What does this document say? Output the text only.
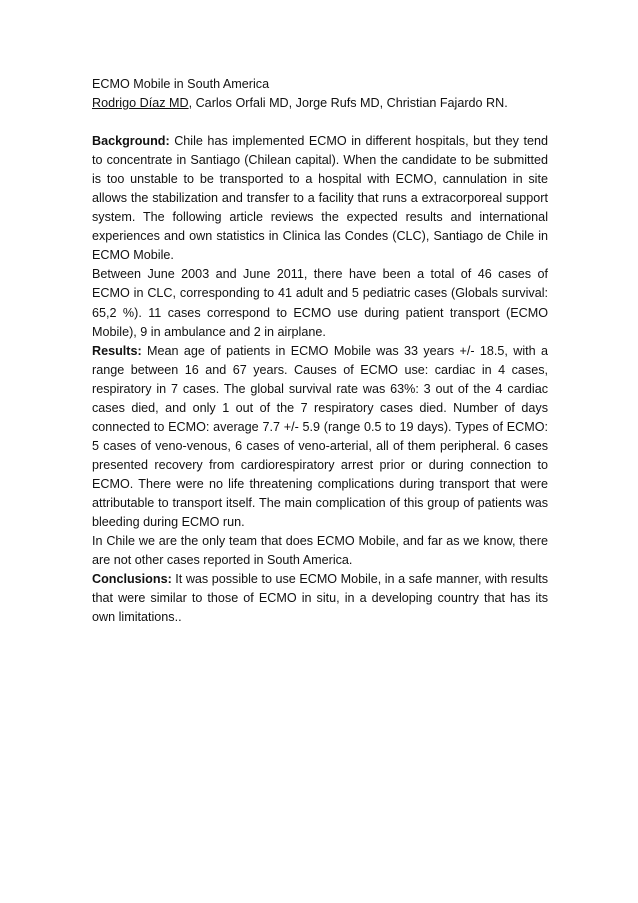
ECMO Mobile in South America
Rodrigo Díaz MD, Carlos Orfali MD, Jorge Rufs MD, Christian Fajardo RN.

Background: Chile has implemented ECMO in different hospitals, but they tend to concentrate in Santiago (Chilean capital). When the candidate to be submitted is too unstable to be transported to a hospital with ECMO, cannulation in site allows the stabilization and transfer to a facility that runs a extracorporeal support system. The following article reviews the expected results and international experiences and own statistics in Clinica las Condes (CLC), Santiago de Chile in ECMO Mobile.

Between June 2003 and June 2011, there have been a total of 46 cases of ECMO in CLC, corresponding to 41 adult and 5 pediatric cases (Globals survival: 65,2 %). 11 cases correspond to ECMO use during patient transport (ECMO Mobile), 9 in ambulance and 2 in airplane.

Results: Mean age of patients in ECMO Mobile was 33 years +/- 18.5, with a range between 16 and 67 years. Causes of ECMO use: cardiac in 4 cases, respiratory in 7 cases. The global survival rate was 63%: 3 out of the 4 cardiac cases died, and only 1 out of the 7 respiratory cases died. Number of days connected to ECMO: average 7.7 +/- 5.9 (range 0.5 to 19 days). Types of ECMO: 5 cases of veno-venous, 6 cases of veno-arterial, all of them peripheral. 6 cases presented recovery from cardiorespiratory arrest prior or during connection to ECMO. There were no life threatening complications during transport that were attributable to transport itself. The main complication of this group of patients was bleeding during ECMO run.

In Chile we are the only team that does ECMO Mobile, and far as we know, there are not other cases reported in South America.

Conclusions: It was possible to use ECMO Mobile, in a safe manner, with results that were similar to those of ECMO in situ, in a developing country that has its own limitations..
